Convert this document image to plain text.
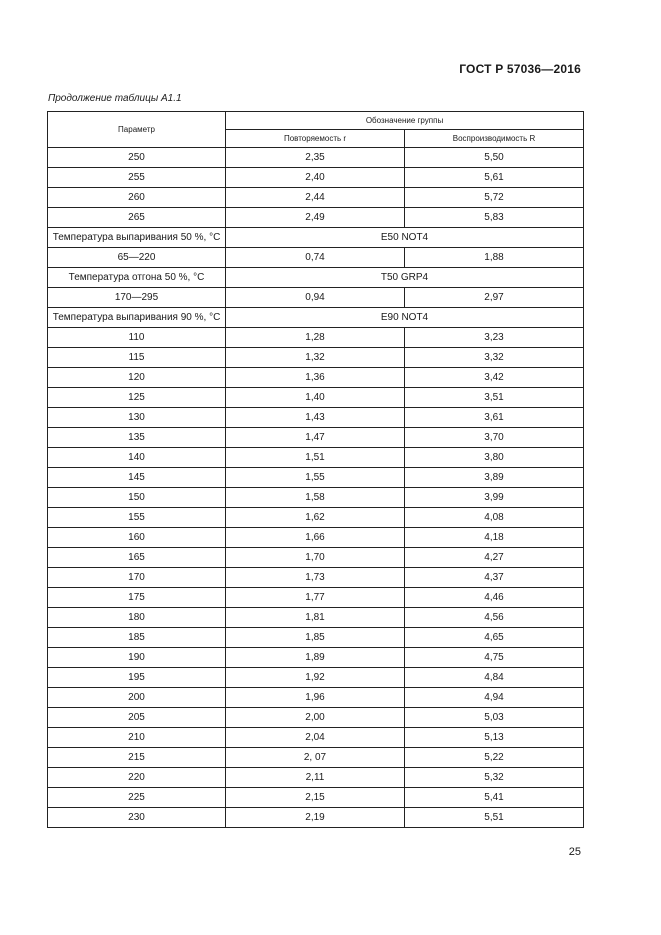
ГОСТ Р 57036—2016
Продолжение таблицы А1.1
Параметр	Обозначение группы	
	Повторяемость r	Воспроизводимость R
250	2,35	5,50
255	2,40	5,61
260	2,44	5,72
265	2,49	5,83
Температура выпаривания 50 %, °С	E50 NOT4	
65—220	0,74	1,88
Температура отгона 50 %, °С	T50 GRP4	
170—295	0,94	2,97
Температура выпаривания 90 %, °С	E90 NOT4	
110	1,28	3,23
115	1,32	3,32
120	1,36	3,42
125	1,40	3,51
130	1,43	3,61
135	1,47	3,70
140	1,51	3,80
145	1,55	3,89
150	1,58	3,99
155	1,62	4,08
160	1,66	4,18
165	1,70	4,27
170	1,73	4,37
175	1,77	4,46
180	1,81	4,56
185	1,85	4,65
190	1,89	4,75
195	1,92	4,84
200	1,96	4,94
205	2,00	5,03
210	2,04	5,13
215	2, 07	5,22
220	2,11	5,32
225	2,15	5,41
230	2,19	5,51
25
